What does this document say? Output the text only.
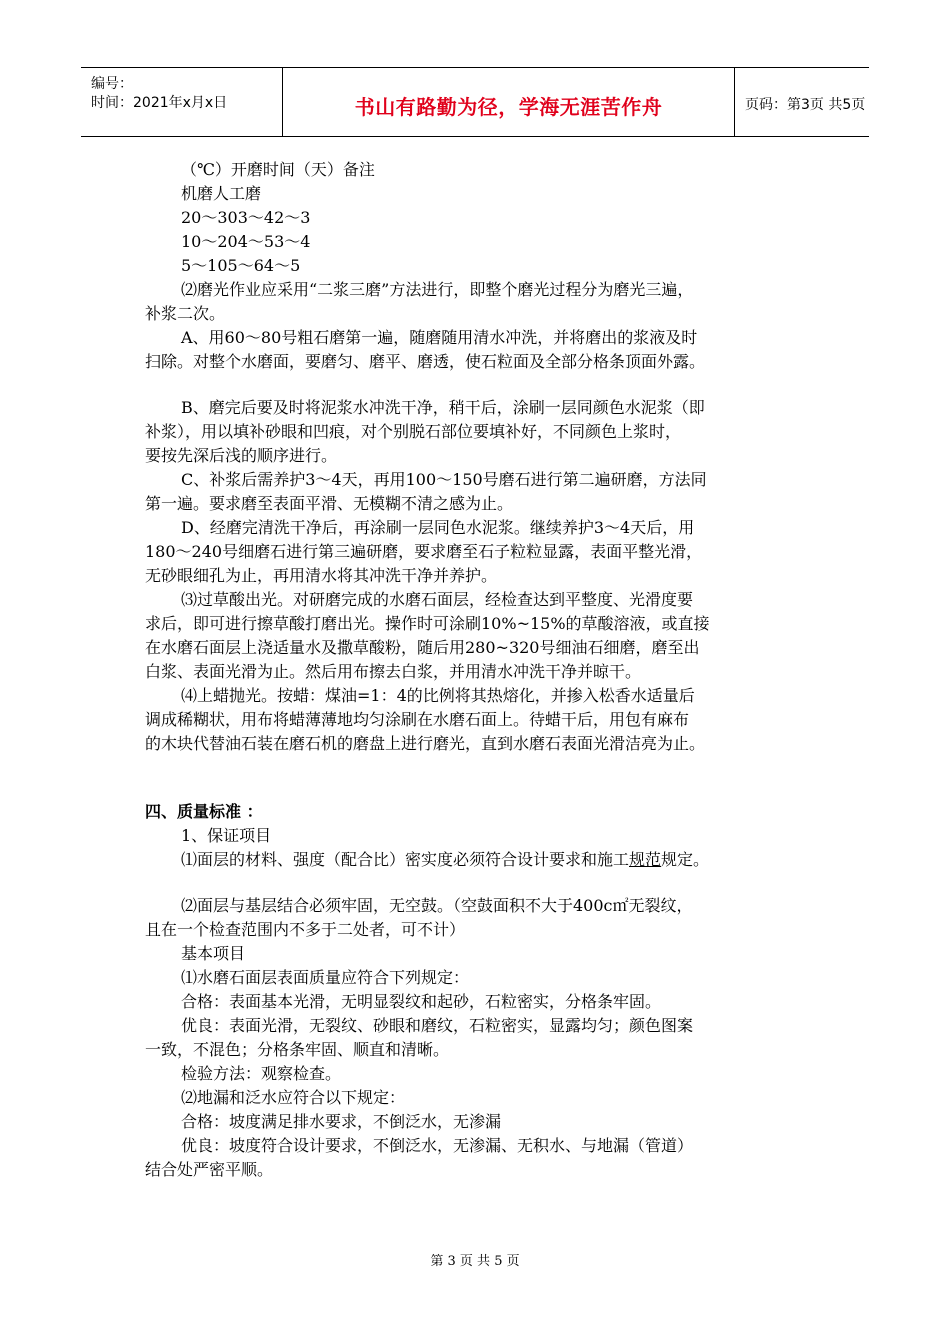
编号：
时间：2021年x月x日	书山有路勤为径，学海无涯苦作舟	页码：第3页 共5页
（℃）开磨时间（天）备注
机磨人工磨
20～303～42～3
10～204～53～4
5～105～64～5
⑵磨光作业应采用“二浆三磨”方法进行，即整个磨光过程分为磨光三遍，
补浆二次。
A、用60～80号粗石磨第一遍，随磨随用清水冲洗，并将磨出的浆液及时
扫除。对整个水磨面，要磨匀、磨平、磨透，使石粒面及全部分格条顶面外露。
B、磨完后要及时将泥浆水冲洗干净，稍干后，涂刷一层同颜色水泥浆（即
补浆），用以填补砂眼和凹痕，对个别脱石部位要填补好，不同颜色上浆时，
要按先深后浅的顺序进行。
C、补浆后需养护3～4天，再用100～150号磨石进行第二遍研磨，方法同
第一遍。要求磨至表面平滑、无模糊不清之感为止。
D、经磨完清洗干净后，再涂刷一层同色水泥浆。继续养护3～4天后，用
180～240号细磨石进行第三遍研磨，要求磨至石子粒粒显露，表面平整光滑，
无砂眼细孔为止，再用清水将其冲洗干净并养护。
⑶过草酸出光。对研磨完成的水磨石面层，经检查达到平整度、光滑度要
求后，即可进行擦草酸打磨出光。操作时可涂刷10%~15%的草酸溶液，或直接
在水磨石面层上浇适量水及撒草酸粉，随后用280~320号细油石细磨，磨至出
白浆、表面光滑为止。然后用布擦去白浆，并用清水冲洗干净并晾干。
⑷上蜡抛光。按蜡：煤油=1：4的比例将其热熔化，并掺入松香水适量后
调成稀糊状，用布将蜡薄薄地均匀涂刷在水磨石面上。待蜡干后，用包有麻布
的木块代替油石装在磨石机的磨盘上进行磨光，直到水磨石表面光滑洁亮为止。
四、质量标准 ：
1、保证项目
⑴面层的材料、强度（配合比）密实度必须符合设计要求和施工规范规定。
⑵面层与基层结合必须牢固，无空鼓。（空鼓面积不大于400c㎡无裂纹，
且在一个检查范围内不多于二处者，可不计）
基本项目
⑴水磨石面层表面质量应符合下列规定：
合格：表面基本光滑，无明显裂纹和起砂，石粒密实，分格条牢固。
优良：表面光滑，无裂纹、砂眼和磨纹，石粒密实，显露均匀；颜色图案
一致，不混色；分格条牢固、顺直和清晰。
检验方法：观察检查。
⑵地漏和泛水应符合以下规定：
合格：坡度满足排水要求，不倒泛水，无渗漏
优良：坡度符合设计要求，不倒泛水，无渗漏、无积水、与地漏（管道）
结合处严密平顺。
第 3 页 共 5 页
